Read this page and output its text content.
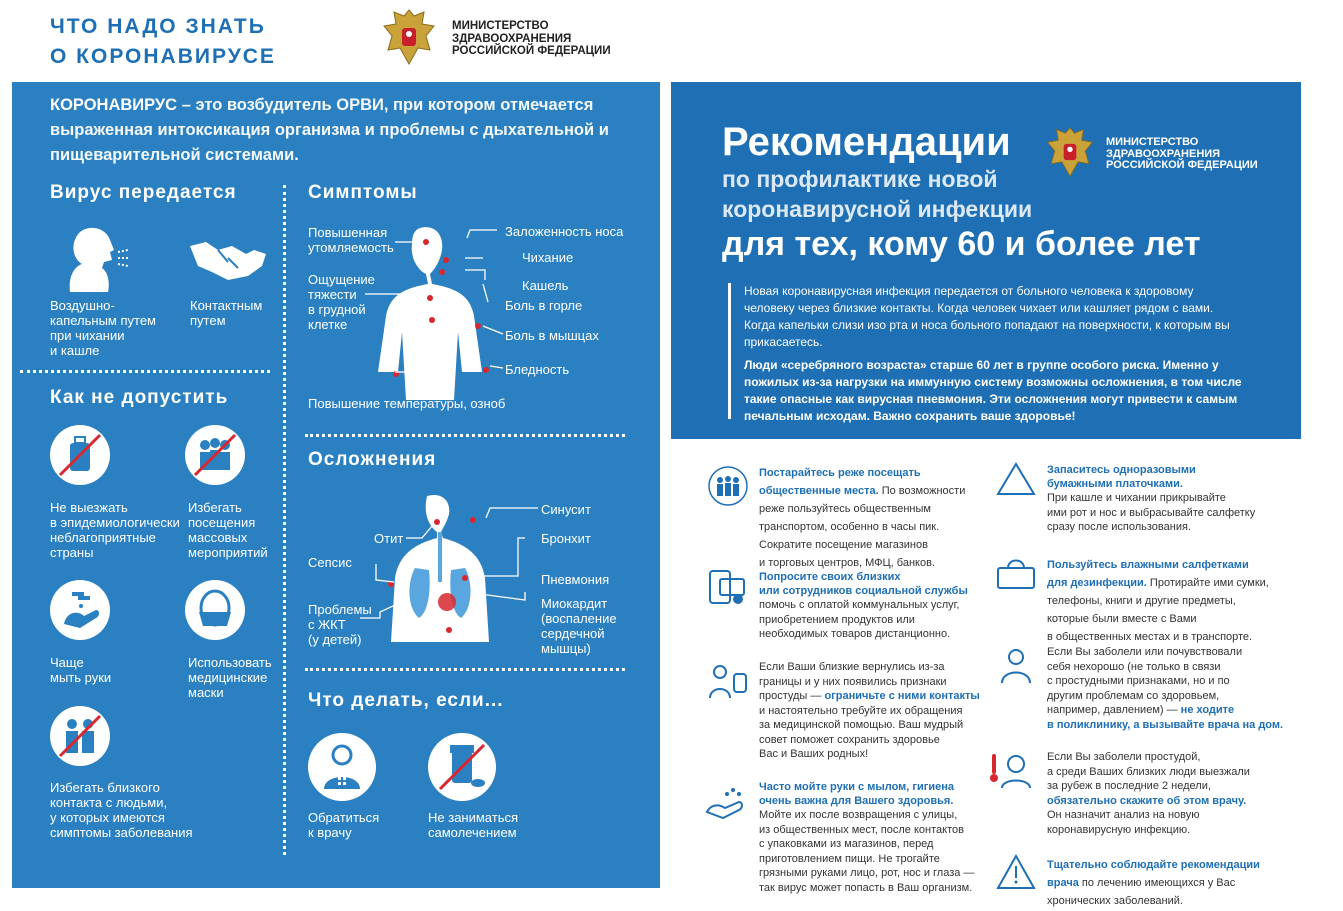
ЧТО НАДО ЗНАТЬ
О КОРОНАВИРУСЕ
МИНИСТЕРСТВО
ЗДРАВООХРАНЕНИЯ
РОССИЙСКОЙ ФЕДЕРАЦИИ
КОРОНАВИРУС – это возбудитель ОРВИ, при котором отмечается выраженная интоксикация организма и проблемы с дыхательной и пищеварительной системами.
Вирус передается
Воздушно-
капельным путем
при чихании
и кашле
Контактным
путем
Как не допустить
Не выезжать
в эпидемиологически
неблагоприятные
страны
Избегать
посещения
массовых
мероприятий
Чаще
мыть руки
Использовать
медицинские
маски
Избегать близкого
контакта с людьми,
у которых имеются
симптомы заболевания
Симптомы
Повышенная
утомляемость
Ощущение
тяжести
в грудной
клетке
Повышение температуры, озноб
Заложенность носа
Чихание
Кашель
Боль в горле
Боль в мышцах
Бледность
Осложнения
Отит
Сепсис
Проблемы
с ЖКТ
(у детей)
Синусит
Бронхит
Пневмония
Миокардит
(воспаление
сердечной
мышцы)
Что делать, если...
Обратиться
к врачу
Не заниматься
самолечением
Рекомендации
по профилактике новой
коронавирусной инфекции
для тех, кому 60 и более лет
МИНИСТЕРСТВО
ЗДРАВООХРАНЕНИЯ
РОССИЙСКОЙ ФЕДЕРАЦИИ
Новая коронавирусная инфекция передается от больного человека к здоровому человеку через близкие контакты. Когда человек чихает или кашляет рядом с вами. Когда капельки слизи изо рта и носа больного попадают на поверхности, к которым вы прикасаетесь.
Люди «серебряного возраста» старше 60 лет в группе особого риска. Именно у пожилых из-за нагрузки на иммунную систему возможны осложнения, в том числе такие опасные как вирусная пневмония. Эти осложнения могут привести к самым печальным исходам. Важно сохранить ваше здоровье!
Постарайтесь реже посещать
общественные места. По возможности
реже пользуйтесь общественным
транспортом, особенно в часы пик.
Сократите посещение магазинов
и торговых центров, МФЦ, банков.
Попросите своих близких
или сотрудников социальной службы
помочь с оплатой коммунальных услуг,
приобретением продуктов или
необходимых товаров дистанционно.
Если Ваши близкие вернулись из-за
границы и у них появились признаки
простуды — ограничьте с ними контакты
и настоятельно требуйте их обращения
за медицинской помощью. Ваш мудрый
совет поможет сохранить здоровье
Вас и Ваших родных!
Часто мойте руки с мылом, гигиена
очень важна для Вашего здоровья.
Мойте их после возвращения с улицы,
из общественных мест, после контактов
с упаковками из магазинов, перед
приготовлением пищи. Не трогайте
грязными руками лицо, рот, нос и глаза —
так вирус может попасть в Ваш организм.
Запаситесь одноразовыми
бумажными платочками.
При кашле и чихании прикрывайте
ими рот и нос и выбрасывайте салфетку
сразу после использования.
Пользуйтесь влажными салфетками
для дезинфекции. Протирайте ими сумки,
телефоны, книги и другие предметы,
которые были вместе с Вами
в общественных местах и в транспорте.
Если Вы заболели или почувствовали
себя нехорошо (не только в связи
с простудными признаками, но и по
другим проблемам со здоровьем,
например, давлением) — не ходите
в поликлинику, а вызывайте врача на дом.
Если Вы заболели простудой,
а среди Ваших близких люди выезжали
за рубеж в последние 2 недели,
обязательно скажите об этом врачу.
Он назначит анализ на новую
коронавирусную инфекцию.
Тщательно соблюдайте рекомендации
врача по лечению имеющихся у Вас
хронических заболеваний.
